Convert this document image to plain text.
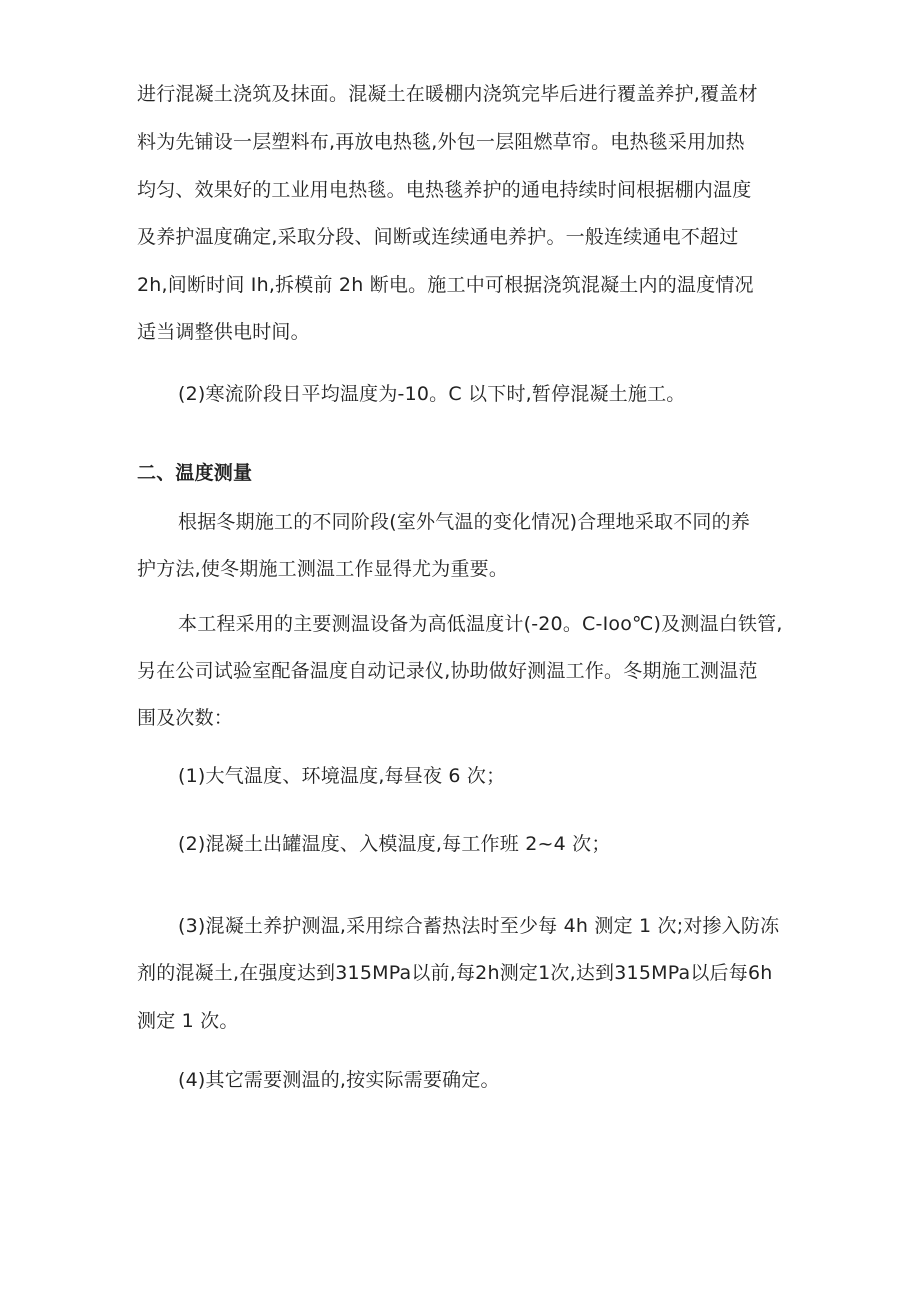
进行混凝土浇筑及抹面。混凝土在暖棚内浇筑完毕后进行覆盖养护,覆盖材

料为先铺设一层塑料布,再放电热毯,外包一层阻燃草帘。电热毯采用加热

均匀、效果好的工业用电热毯。电热毯养护的通电持续时间根据棚内温度

及养护温度确定,采取分段、间断或连续通电养护。一般连续通电不超过

2h,间断时间 Ih,拆模前 2h 断电。施工中可根据浇筑混凝土内的温度情况

适当调整供电时间。

(2)寒流阶段日平均温度为-10。C 以下时,暂停混凝土施工。

二、温度测量

根据冬期施工的不同阶段(室外气温的变化情况)合理地采取不同的养

护方法,使冬期施工测温工作显得尤为重要。

本工程采用的主要测温设备为高低温度计(-20。C-Ioo℃)及测温白铁管,

另在公司试验室配备温度自动记录仪,协助做好测温工作。冬期施工测温范

围及次数：

(1)大气温度、环境温度,每昼夜 6 次；

(2)混凝土出罐温度、入模温度,每工作班 2~4 次；

(3)混凝土养护测温,采用综合蓄热法时至少每 4h 测定 1 次;对掺入防冻

剂的混凝土,在强度达到315MPa以前,每2h测定1次,达到315MPa以后每6h

测定 1 次。

(4)其它需要测温的,按实际需要确定。
